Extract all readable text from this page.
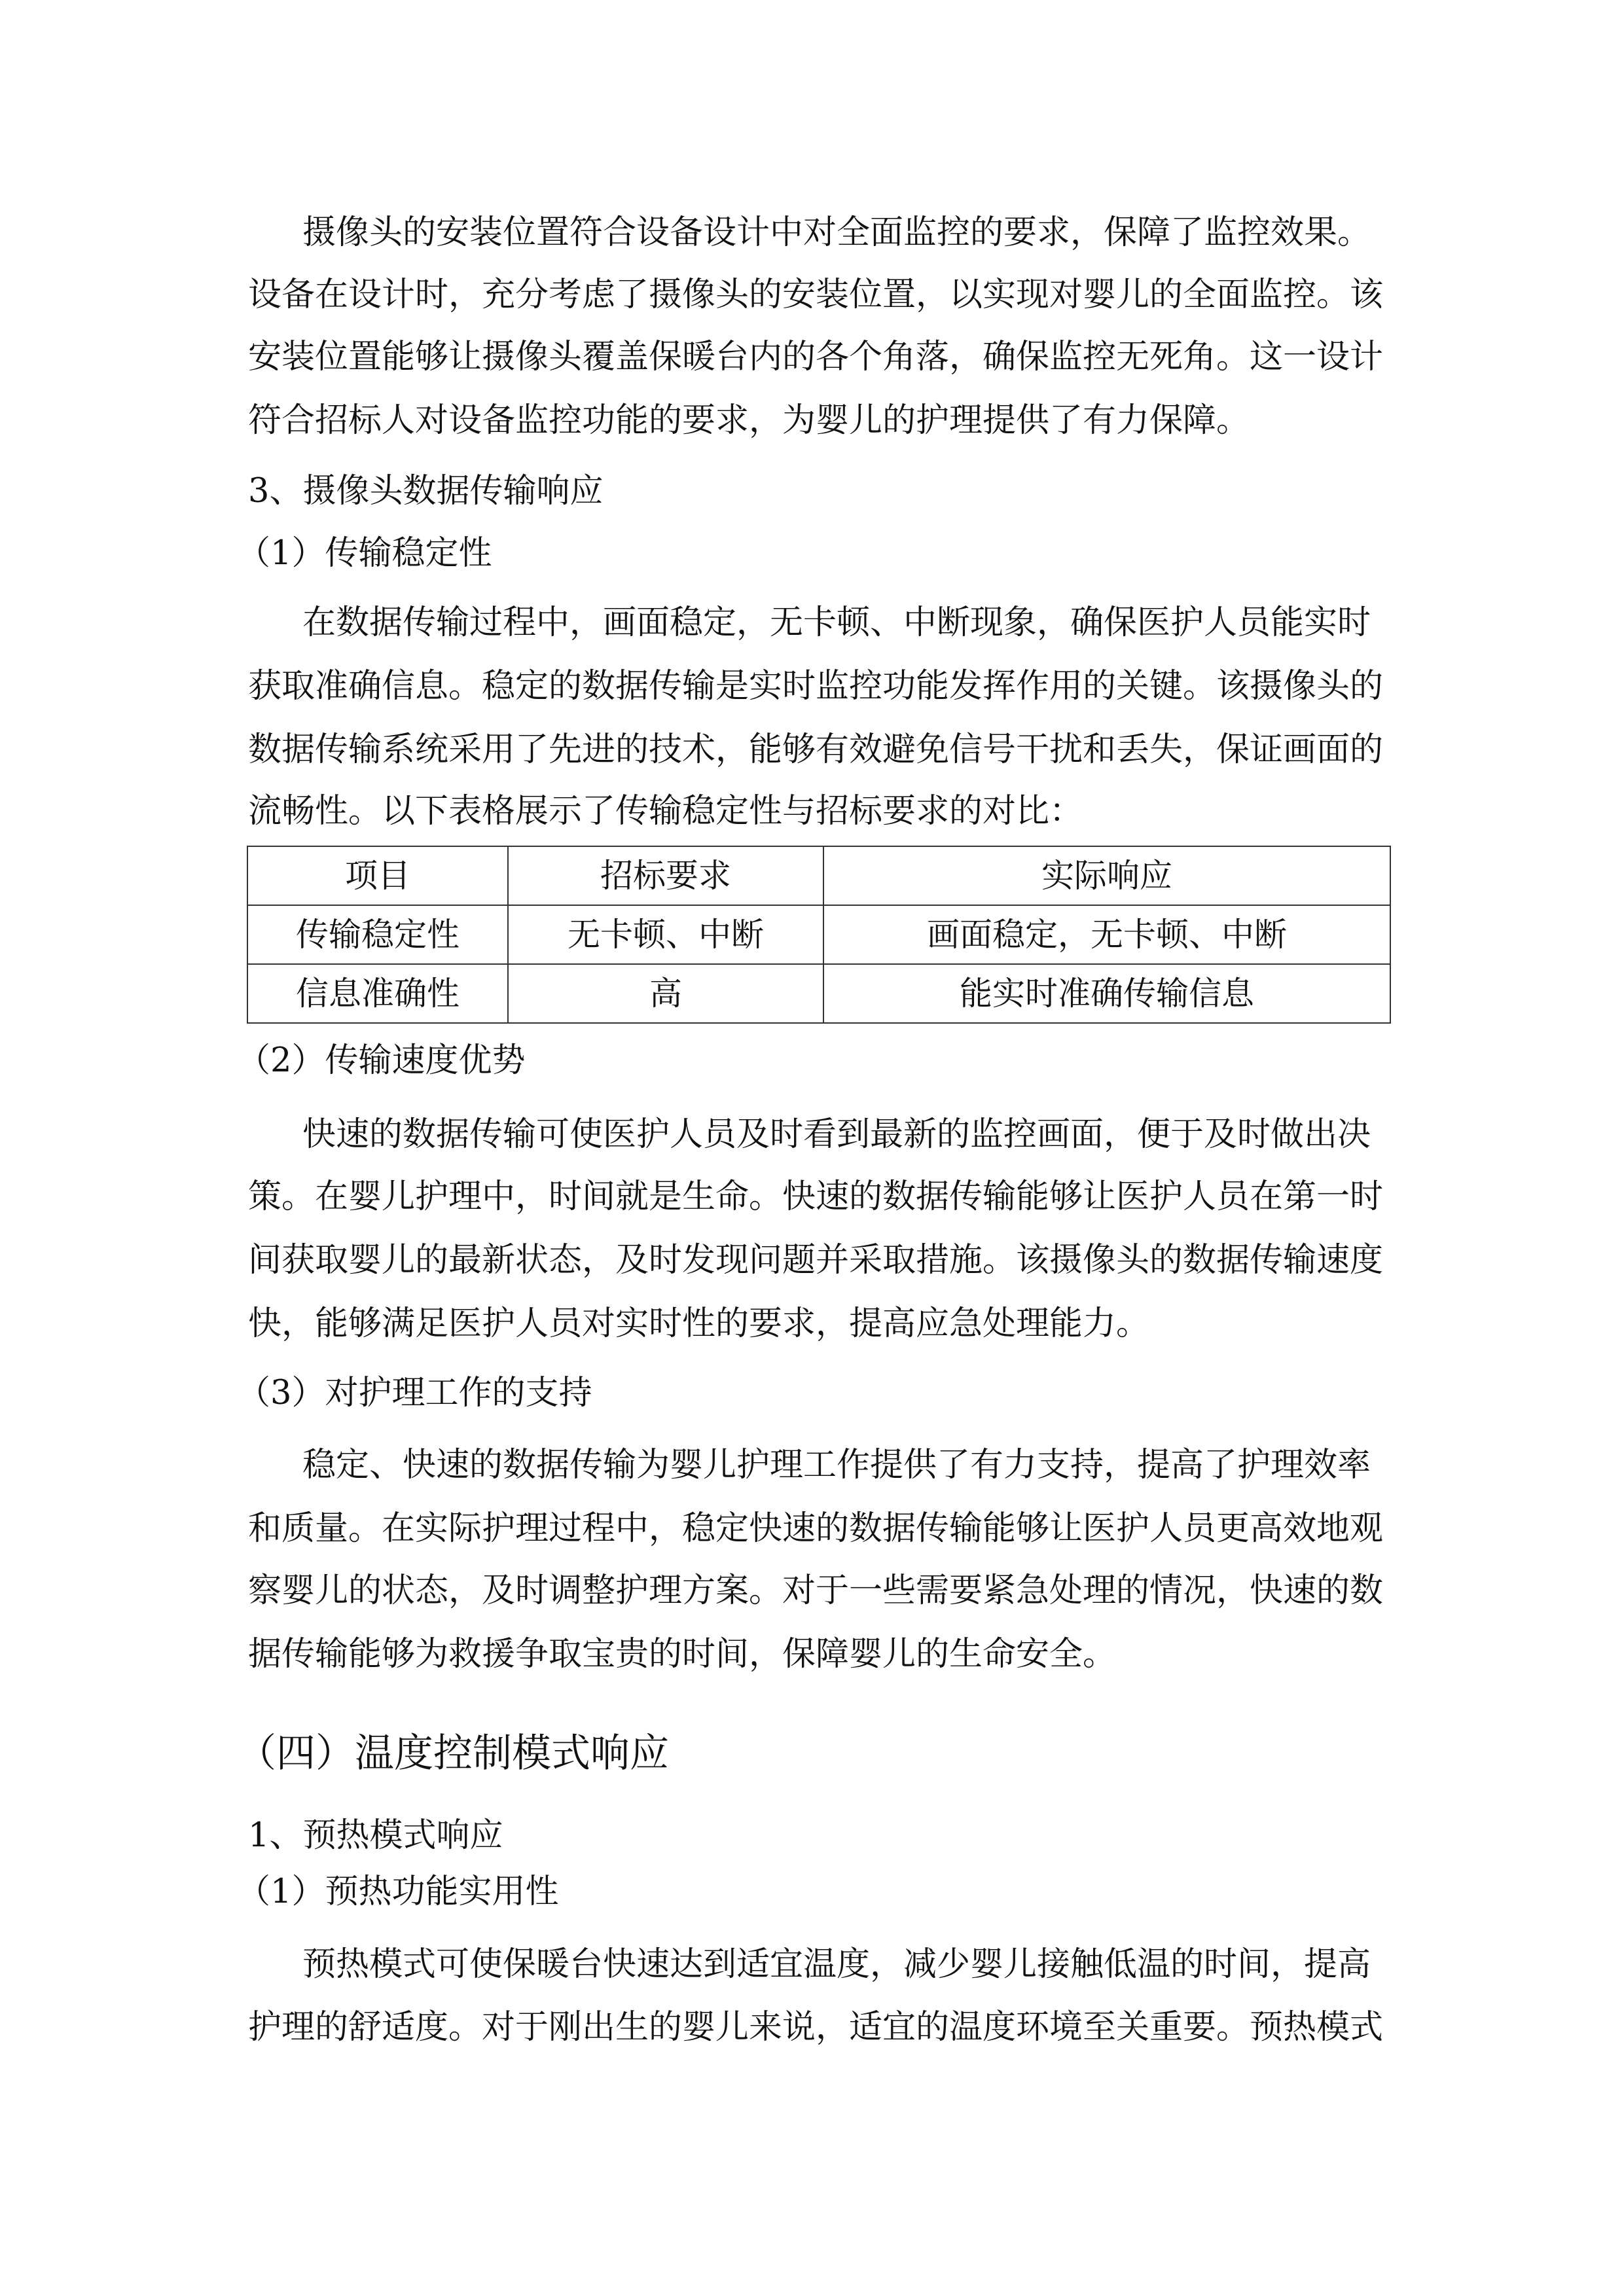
摄像头的安装位置符合设备设计中对全面监控的要求，保障了监控效果。
设备在设计时，充分考虑了摄像头的安装位置，以实现对婴儿的全面监控。该
安装位置能够让摄像头覆盖保暖台内的各个角落，确保监控无死角。这一设计
符合招标人对设备监控功能的要求，为婴儿的护理提供了有力保障。
3、摄像头数据传输响应
（1）传输稳定性
在数据传输过程中，画面稳定，无卡顿、中断现象，确保医护人员能实时
获取准确信息。稳定的数据传输是实时监控功能发挥作用的关键。该摄像头的
数据传输系统采用了先进的技术，能够有效避免信号干扰和丢失，保证画面的
流畅性。以下表格展示了传输稳定性与招标要求的对比：
项目	招标要求	实际响应
传输稳定性	无卡顿、中断	画面稳定，无卡顿、中断
信息准确性	高	能实时准确传输信息
（2）传输速度优势
快速的数据传输可使医护人员及时看到最新的监控画面，便于及时做出决
策。在婴儿护理中，时间就是生命。快速的数据传输能够让医护人员在第一时
间获取婴儿的最新状态，及时发现问题并采取措施。该摄像头的数据传输速度
快，能够满足医护人员对实时性的要求，提高应急处理能力。
（3）对护理工作的支持
稳定、快速的数据传输为婴儿护理工作提供了有力支持，提高了护理效率
和质量。在实际护理过程中，稳定快速的数据传输能够让医护人员更高效地观
察婴儿的状态，及时调整护理方案。对于一些需要紧急处理的情况，快速的数
据传输能够为救援争取宝贵的时间，保障婴儿的生命安全。
（四）温度控制模式响应
1、预热模式响应
（1）预热功能实用性
预热模式可使保暖台快速达到适宜温度，减少婴儿接触低温的时间，提高
护理的舒适度。对于刚出生的婴儿来说，适宜的温度环境至关重要。预热模式
